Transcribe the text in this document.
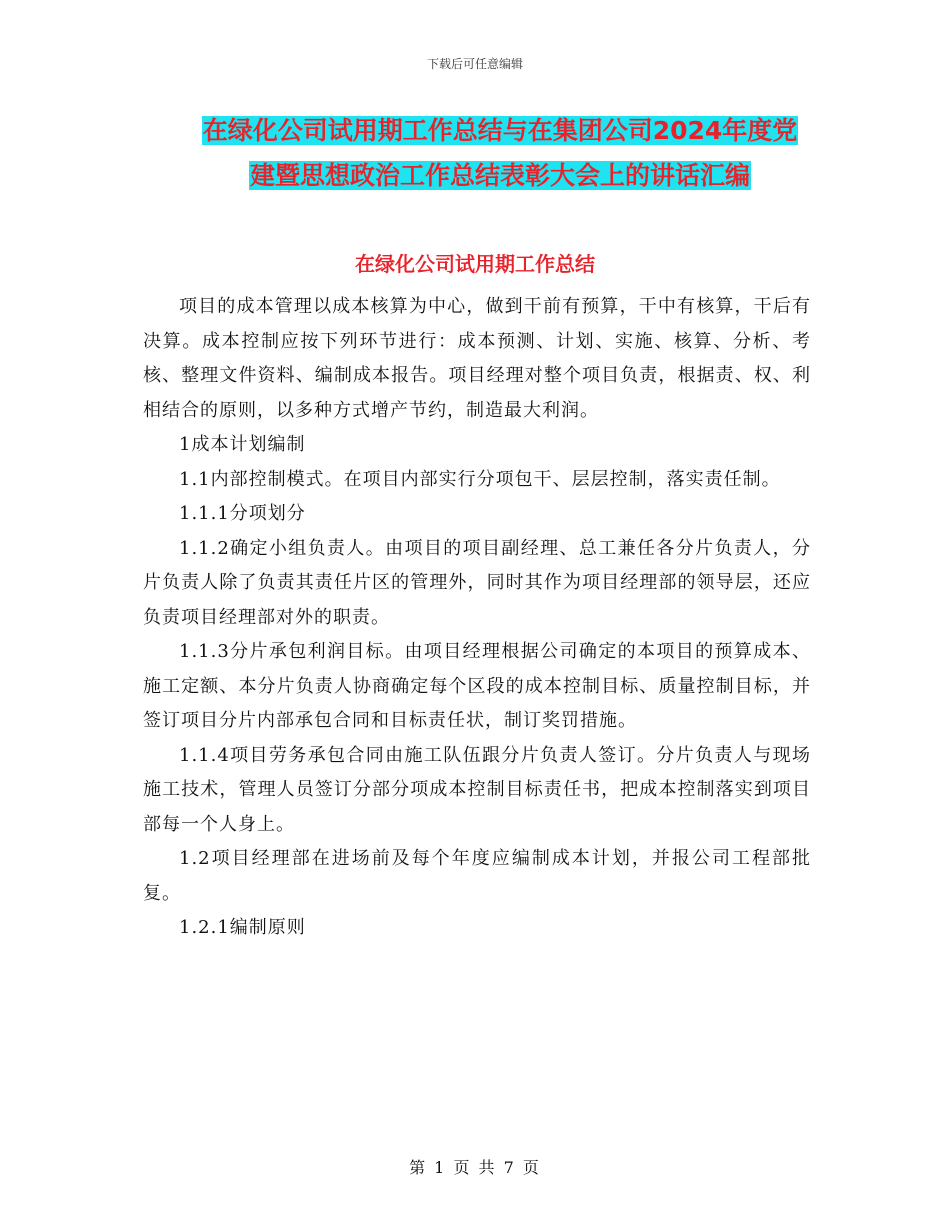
下载后可任意编辑
在绿化公司试用期工作总结与在集团公司2024年度党
建暨思想政治工作总结表彰大会上的讲话汇编
在绿化公司试用期工作总结

项目的成本管理以成本核算为中心，做到干前有预算，干中有核算，干后有决算。成本控制应按下列环节进行：成本预测、计划、实施、核算、分析、考核、整理文件资料、编制成本报告。项目经理对整个项目负责，根据责、权、利相结合的原则，以多种方式增产节约，制造最大利润。

1成本计划编制

1.1内部控制模式。在项目内部实行分项包干、层层控制，落实责任制。

1.1.1分项划分

1.1.2确定小组负责人。由项目的项目副经理、总工兼任各分片负责人，分片负责人除了负责其责任片区的管理外，同时其作为项目经理部的领导层，还应负责项目经理部对外的职责。

1.1.3分片承包利润目标。由项目经理根据公司确定的本项目的预算成本、施工定额、本分片负责人协商确定每个区段的成本控制目标、质量控制目标，并签订项目分片内部承包合同和目标责任状，制订奖罚措施。

1.1.4项目劳务承包合同由施工队伍跟分片负责人签订。分片负责人与现场施工技术，管理人员签订分部分项成本控制目标责任书，把成本控制落实到项目部每一个人身上。

1.2项目经理部在进场前及每个年度应编制成本计划，并报公司工程部批复。

1.2.1编制原则

第 1 页 共 7 页
